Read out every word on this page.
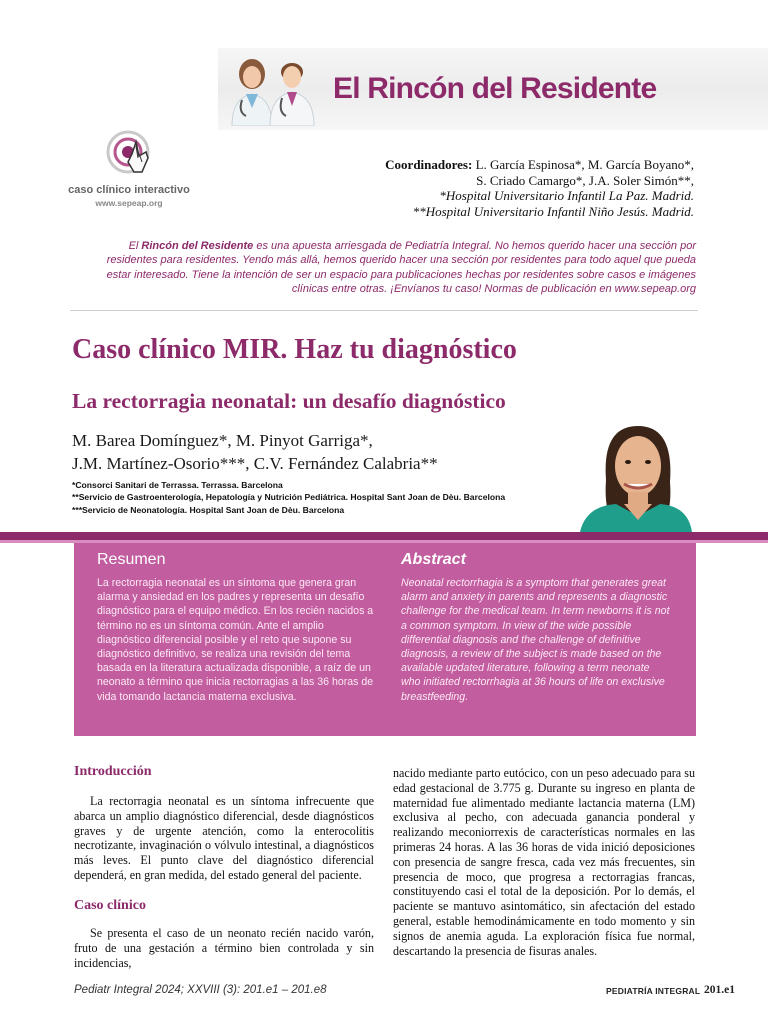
El Rincón del Residente
caso clínico interactivo
www.sepeap.org
Coordinadores: L. García Espinosa*, M. García Boyano*,
S. Criado Camargo*, J.A. Soler Simón**,
*Hospital Universitario Infantil La Paz. Madrid.
**Hospital Universitario Infantil Niño Jesús. Madrid.
El Rincón del Residente es una apuesta arriesgada de Pediatría Integral. No hemos querido hacer una sección por residentes para residentes. Yendo más allá, hemos querido hacer una sección por residentes para todo aquel que pueda estar interesado. Tiene la intención de ser un espacio para publicaciones hechas por residentes sobre casos e imágenes clínicas entre otras. ¡Envíanos tu caso! Normas de publicación en www.sepeap.org
Caso clínico MIR. Haz tu diagnóstico
La rectorragia neonatal: un desafío diagnóstico
M. Barea Domínguez*, M. Pinyot Garriga*,
J.M. Martínez-Osorio***, C.V. Fernández Calabria**
*Consorci Sanitari de Terrassa. Terrassa. Barcelona
**Servicio de Gastroenterología, Hepatología y Nutrición Pediátrica. Hospital Sant Joan de Dèu. Barcelona
***Servicio de Neonatología. Hospital Sant Joan de Dèu. Barcelona
Resumen
La rectorragia neonatal es un síntoma que genera gran alarma y ansiedad en los padres y representa un desafío diagnóstico para el equipo médico. En los recién nacidos a término no es un síntoma común. Ante el amplio diagnóstico diferencial posible y el reto que supone su diagnóstico definitivo, se realiza una revisión del tema basada en la literatura actualizada disponible, a raíz de un neonato a término que inicia rectorragias a las 36 horas de vida tomando lactancia materna exclusiva.
Abstract
Neonatal rectorrhagia is a symptom that generates great alarm and anxiety in parents and represents a diagnostic challenge for the medical team. In term newborns it is not a common symptom. In view of the wide possible differential diagnosis and the challenge of definitive diagnosis, a review of the subject is made based on the available updated literature, following a term neonate who initiated rectorrhagia at 36 hours of life on exclusive breastfeeding.
Introducción
La rectorragia neonatal es un síntoma infrecuente que abarca un amplio diagnóstico diferencial, desde diagnósticos graves y de urgente atención, como la enterocolitis necrotizante, invaginación o vólvulo intestinal, a diagnósticos más leves. El punto clave del diagnóstico diferencial dependerá, en gran medida, del estado general del paciente.
Caso clínico
Se presenta el caso de un neonato recién nacido varón, fruto de una gestación a término bien controlada y sin incidencias,
nacido mediante parto eutócico, con un peso adecuado para su edad gestacional de 3.775 g. Durante su ingreso en planta de maternidad fue alimentado mediante lactancia materna (LM) exclusiva al pecho, con adecuada ganancia ponderal y realizando meconiorrexis de características normales en las primeras 24 horas. A las 36 horas de vida inició deposiciones con presencia de sangre fresca, cada vez más frecuentes, sin presencia de moco, que progresa a rectorragias francas, constituyendo casi el total de la deposición. Por lo demás, el paciente se mantuvo asintomático, sin afectación del estado general, estable hemodinámicamente en todo momento y sin signos de anemia aguda. La exploración física fue normal, descartando la presencia de fisuras anales.
Pediatr Integral 2024; XXVIII (3): 201.e1 – 201.e8	PEDIATRÍA INTEGRAL 201.e1
